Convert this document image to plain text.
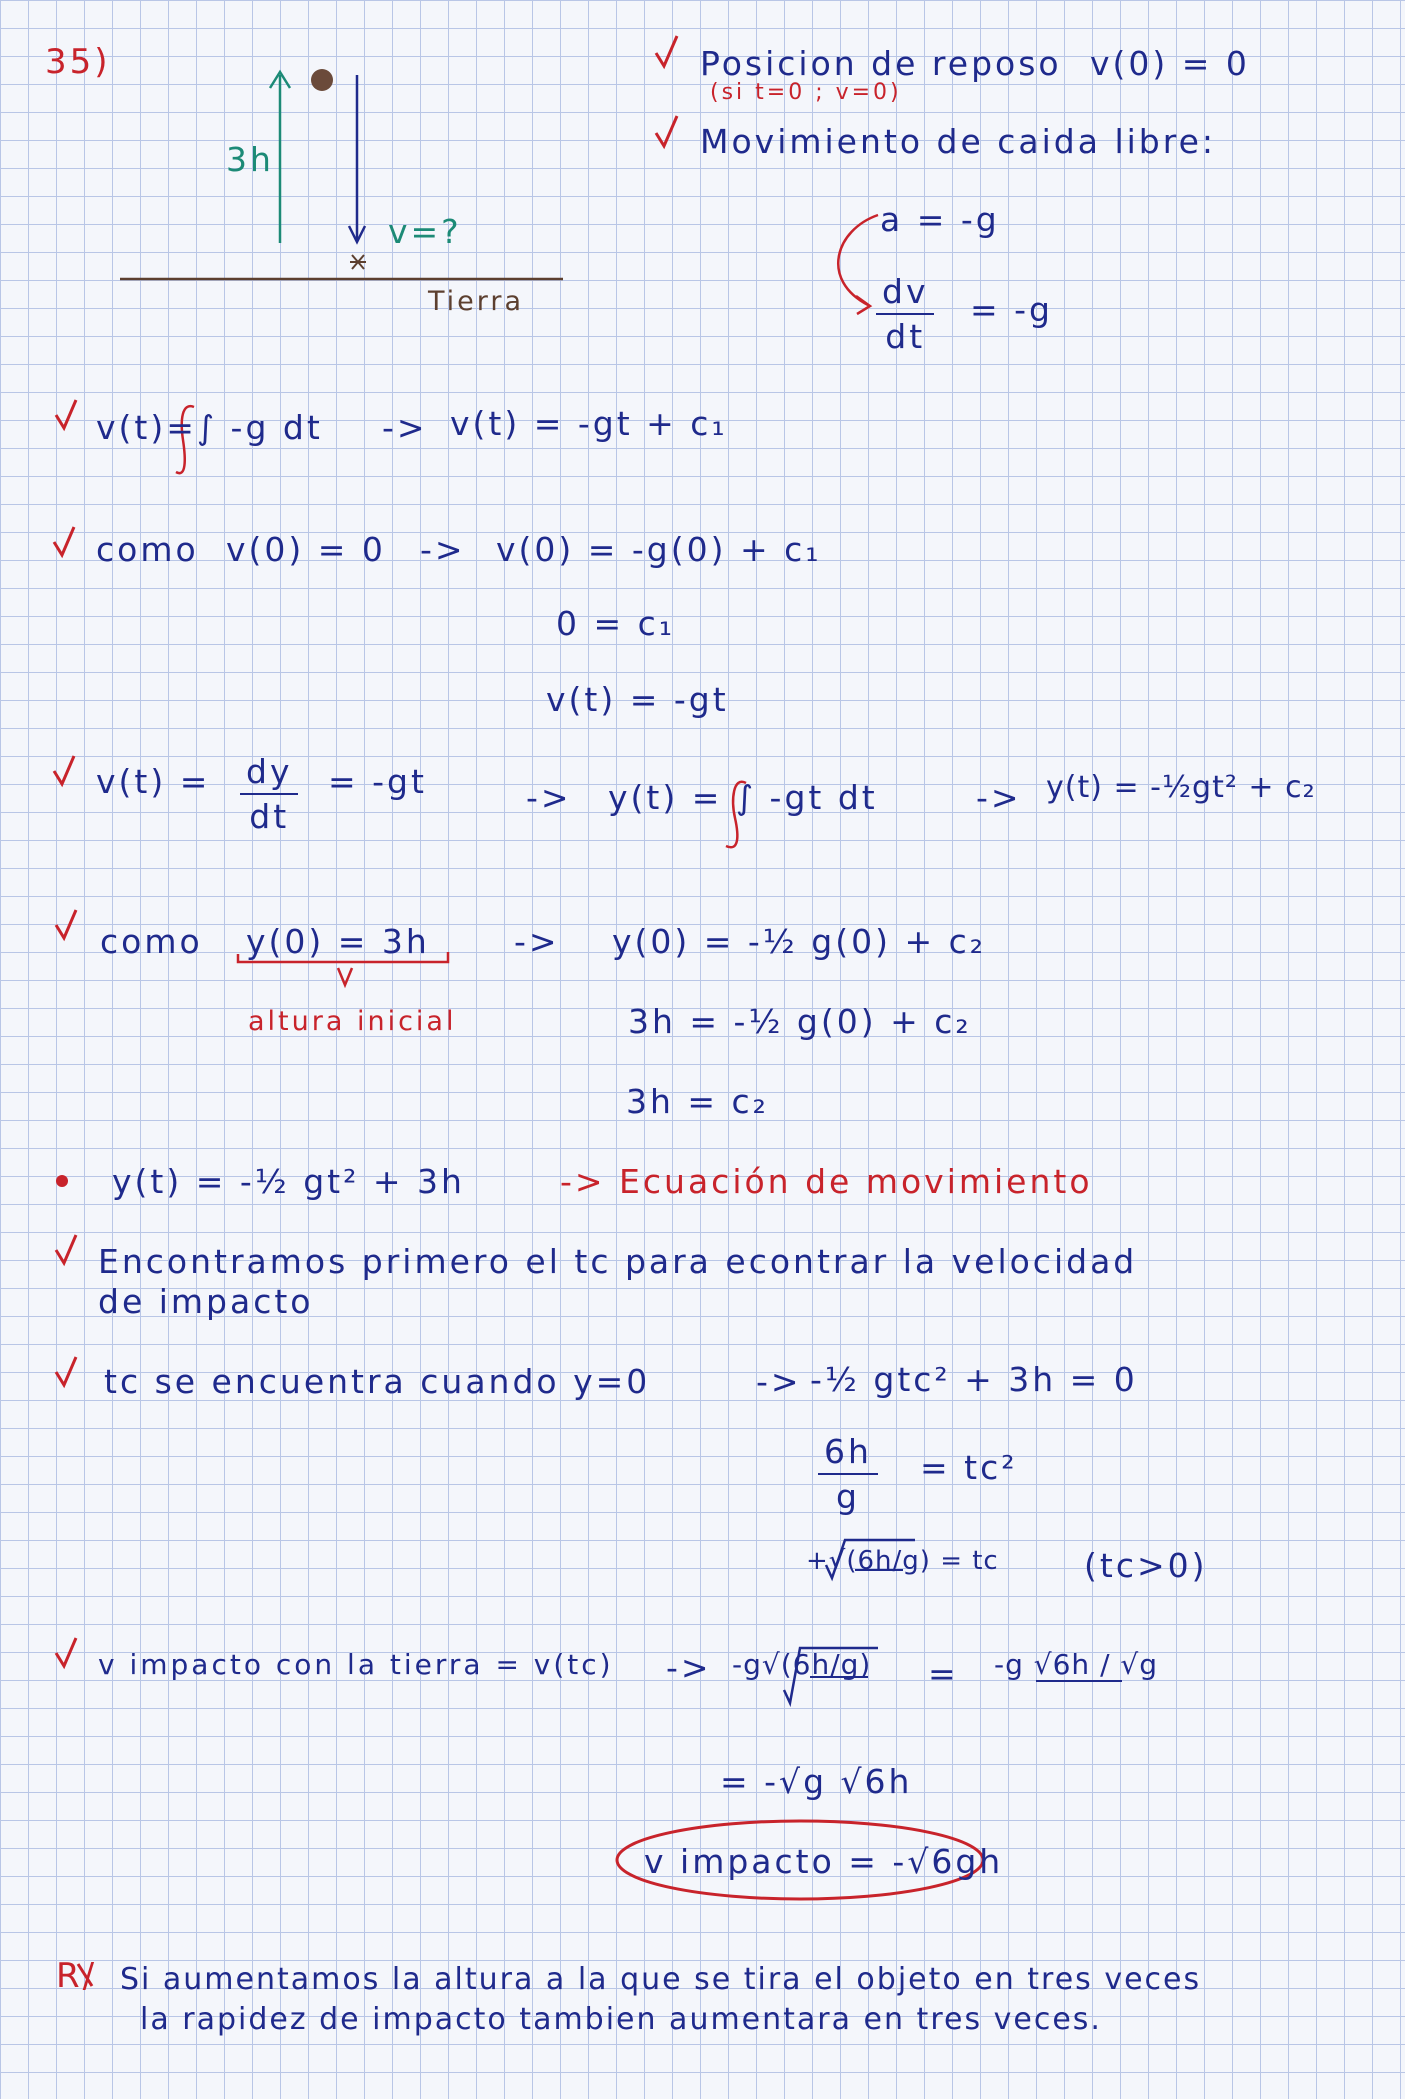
35)
3h
v=?
Tierra
Posicion de reposo v(0) = 0
(si t=0 ; v=0)
Movimiento de caida libre:
a = -g
$\frac{dv}{dt} = -g$
v(t)=∫ -g dt -> v(t) = -gt + c₁
como v(0) = 0 -> v(0) = -g(0) + c₁
0 = c₁
v(t) = -gt
$v(t) = \frac{dy}{dt} = -gt$	-> y(t) = ∫ -gt dt	-> y(t) = -½gt² + c₂
como y(0) = 3h	-> y(0) = -½ g(0) + c₂
altura inicial	3h = -½ g(0) + c₂
3h = c₂
y(t) = -½ gt² + 3h	-> Ecuación de movimiento
Encontramos primero el tc para econtrar la velocidad
de impacto
tc se encuentra cuando y=0	-> -½ gtc² + 3h = 0
$\frac{6h}{g} = tc^2$
+√(6h/g) = tc	(tc>0)
v impacto con la tierra = v(tc) -> -g√(6h/g) = -g √6h / √g
= -√g √6h
v impacto = -√6gh
R/ Si aumentamos la altura a la que se tira el objeto en tres veces
la rapidez de impacto tambien aumentara en tres veces.
